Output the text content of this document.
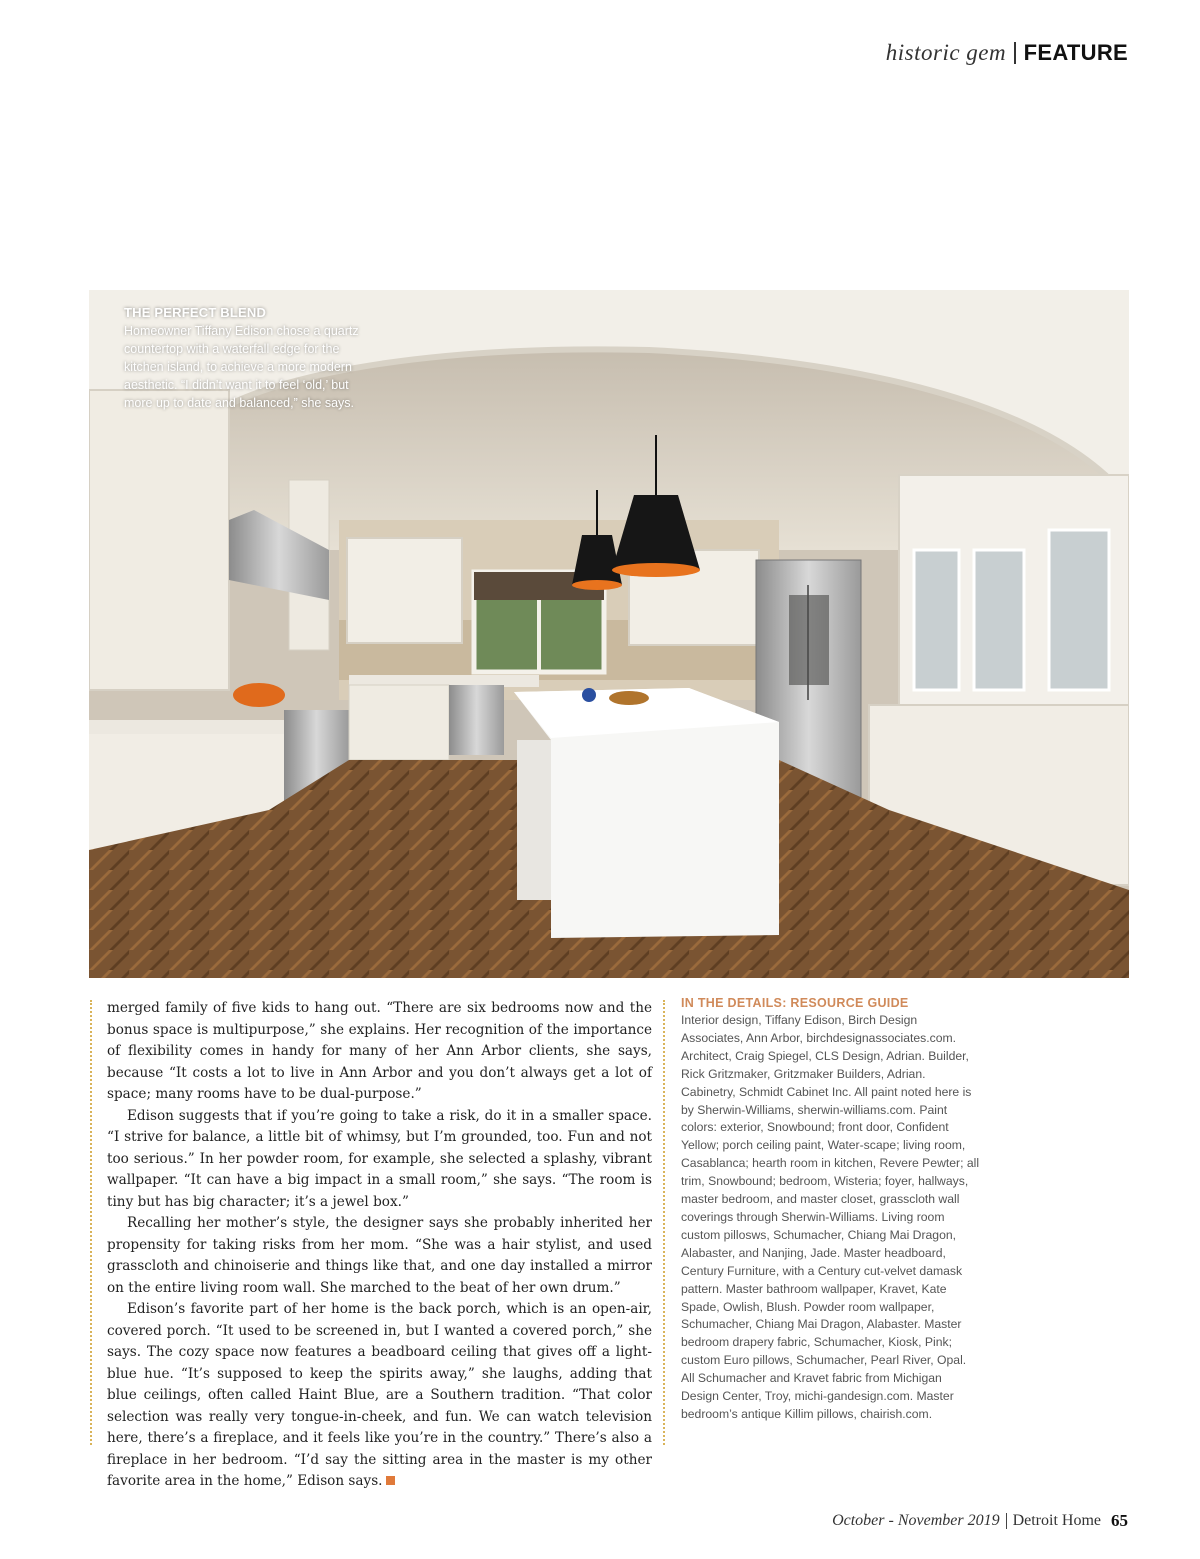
historic gem FEATURE
THE PERFECT BLEND
Homeowner Tiffany Edison chose a quartz countertop with a waterfall edge for the kitchen island, to achieve a more modern aesthetic. “I didn’t want it to feel ‘old,’ but more up to date and balanced,” she says.

merged family of five kids to hang out. “There are six bedrooms now and the bonus space is multipurpose,” she explains. Her recognition of the importance of flexibility comes in handy for many of her Ann Arbor clients, she says, because “It costs a lot to live in Ann Arbor and you don’t always get a lot of space; many rooms have to be dual-purpose.”

Edison suggests that if you’re going to take a risk, do it in a smaller space. “I strive for balance, a little bit of whimsy, but I’m grounded, too. Fun and not too serious.” In her powder room, for example, she selected a splashy, vibrant wallpaper. “It can have a big impact in a small room,” she says. “The room is tiny but has big character; it’s a jewel box.”

Recalling her mother’s style, the designer says she probably inherited her propensity for taking risks from her mom. “She was a hair stylist, and used grasscloth and chinoiserie and things like that, and one day installed a mirror on the entire living room wall. She marched to the beat of her own drum.”

Edison’s favorite part of her home is the back porch, which is an open-air, covered porch. “It used to be screened in, but I wanted a covered porch,” she says. The cozy space now features a beadboard ceiling that gives off a light-blue hue. “It’s supposed to keep the spirits away,” she laughs, adding that blue ceilings, often called Haint Blue, are a Southern tradition. “That color selection was really very tongue-in-cheek, and fun. We can watch television here, there’s a fireplace, and it feels like you’re in the country.” There’s also a fireplace in her bedroom. “I’d say the sitting area in the master is my other favorite area in the home,” Edison says.

IN THE DETAILS: RESOURCE GUIDE
Interior design, Tiffany Edison, Birch Design Associates, Ann Arbor, birchdesignassociates.com. Architect, Craig Spiegel, CLS Design, Adrian. Builder, Rick Gritzmaker, Gritzmaker Builders, Adrian. Cabinetry, Schmidt Cabinet Inc. All paint noted here is by Sherwin-Williams, sherwin-williams.com. Paint colors: exterior, Snowbound; front door, Confident Yellow; porch ceiling paint, Water-scape; living room, Casablanca; hearth room in kitchen, Revere Pewter; all trim, Snowbound; bedroom, Wisteria; foyer, hallways, master bedroom, and master closet, grasscloth wall coverings through Sherwin-Williams. Living room custom pillosws, Schumacher, Chiang Mai Dragon, Alabaster, and Nanjing, Jade. Master headboard, Century Furniture, with a Century cut-velvet damask pattern. Master bathroom wallpaper, Kravet, Kate Spade, Owlish, Blush. Powder room wallpaper, Schumacher, Chiang Mai Dragon, Alabaster. Master bedroom drapery fabric, Schumacher, Kiosk, Pink; custom Euro pillows, Schumacher, Pearl River, Opal. All Schumacher and Kravet fabric from Michigan Design Center, Troy, michi-gandesign.com. Master bedroom’s antique Killim pillows, chairish.com.
October - November 2019 Detroit Home 65
